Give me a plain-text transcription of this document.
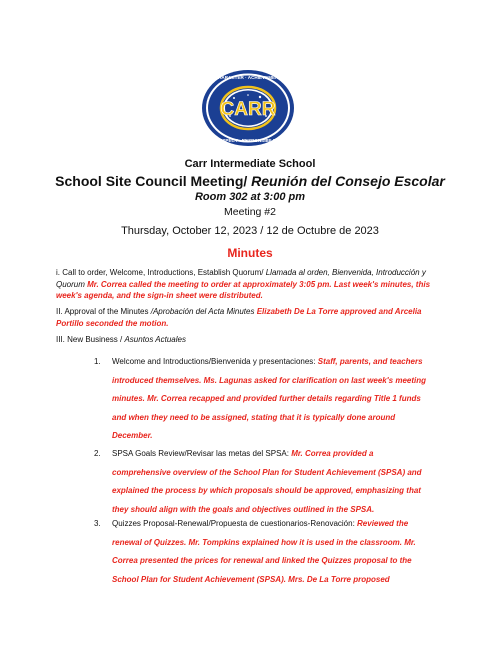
CARR
CHARACTER · ACHIEVEMENT
RESPECT · RESPONSIBILITY
Carr Intermediate School
School Site Council Meeting/ Reunión del Consejo Escolar
Room 302 at 3:00 pm
Meeting #2
Thursday, October 12, 2023 / 12 de Octubre de 2023
Minutes
i. Call to order, Welcome, Introductions, Establish Quorum/ Llamada al orden, Bienvenida, Introducción y Quorum Mr. Correa called the meeting to order at approximately 3:05 pm. Last week's minutes, this week's agenda, and the sign-in sheet were distributed.
II. Approval of the Minutes /Aprobación del Acta Minutes Elizabeth De La Torre approved and Arcelia Portillo seconded the motion.
III. New Business / Asuntos Actuales
1. Welcome and Introductions/Bienvenida y presentaciones: Staff, parents, and teachers introduced themselves. Ms. Lagunas asked for clarification on last week's meeting minutes. Mr. Correa recapped and provided further details regarding Title 1 funds and when they need to be assigned, stating that it is typically done around December.
2. SPSA Goals Review/Revisar las metas del SPSA: Mr. Correa provided a comprehensive overview of the School Plan for Student Achievement (SPSA) and explained the process by which proposals should be approved, emphasizing that they should align with the goals and objectives outlined in the SPSA.
3. Quizzes Proposal-Renewal/Propuesta de cuestionarios-Renovación: Reviewed the renewal of Quizzes. Mr. Tompkins explained how it is used in the classroom. Mr. Correa presented the prices for renewal and linked the Quizzes proposal to the School Plan for Student Achievement (SPSA). Mrs. De La Torre proposed
